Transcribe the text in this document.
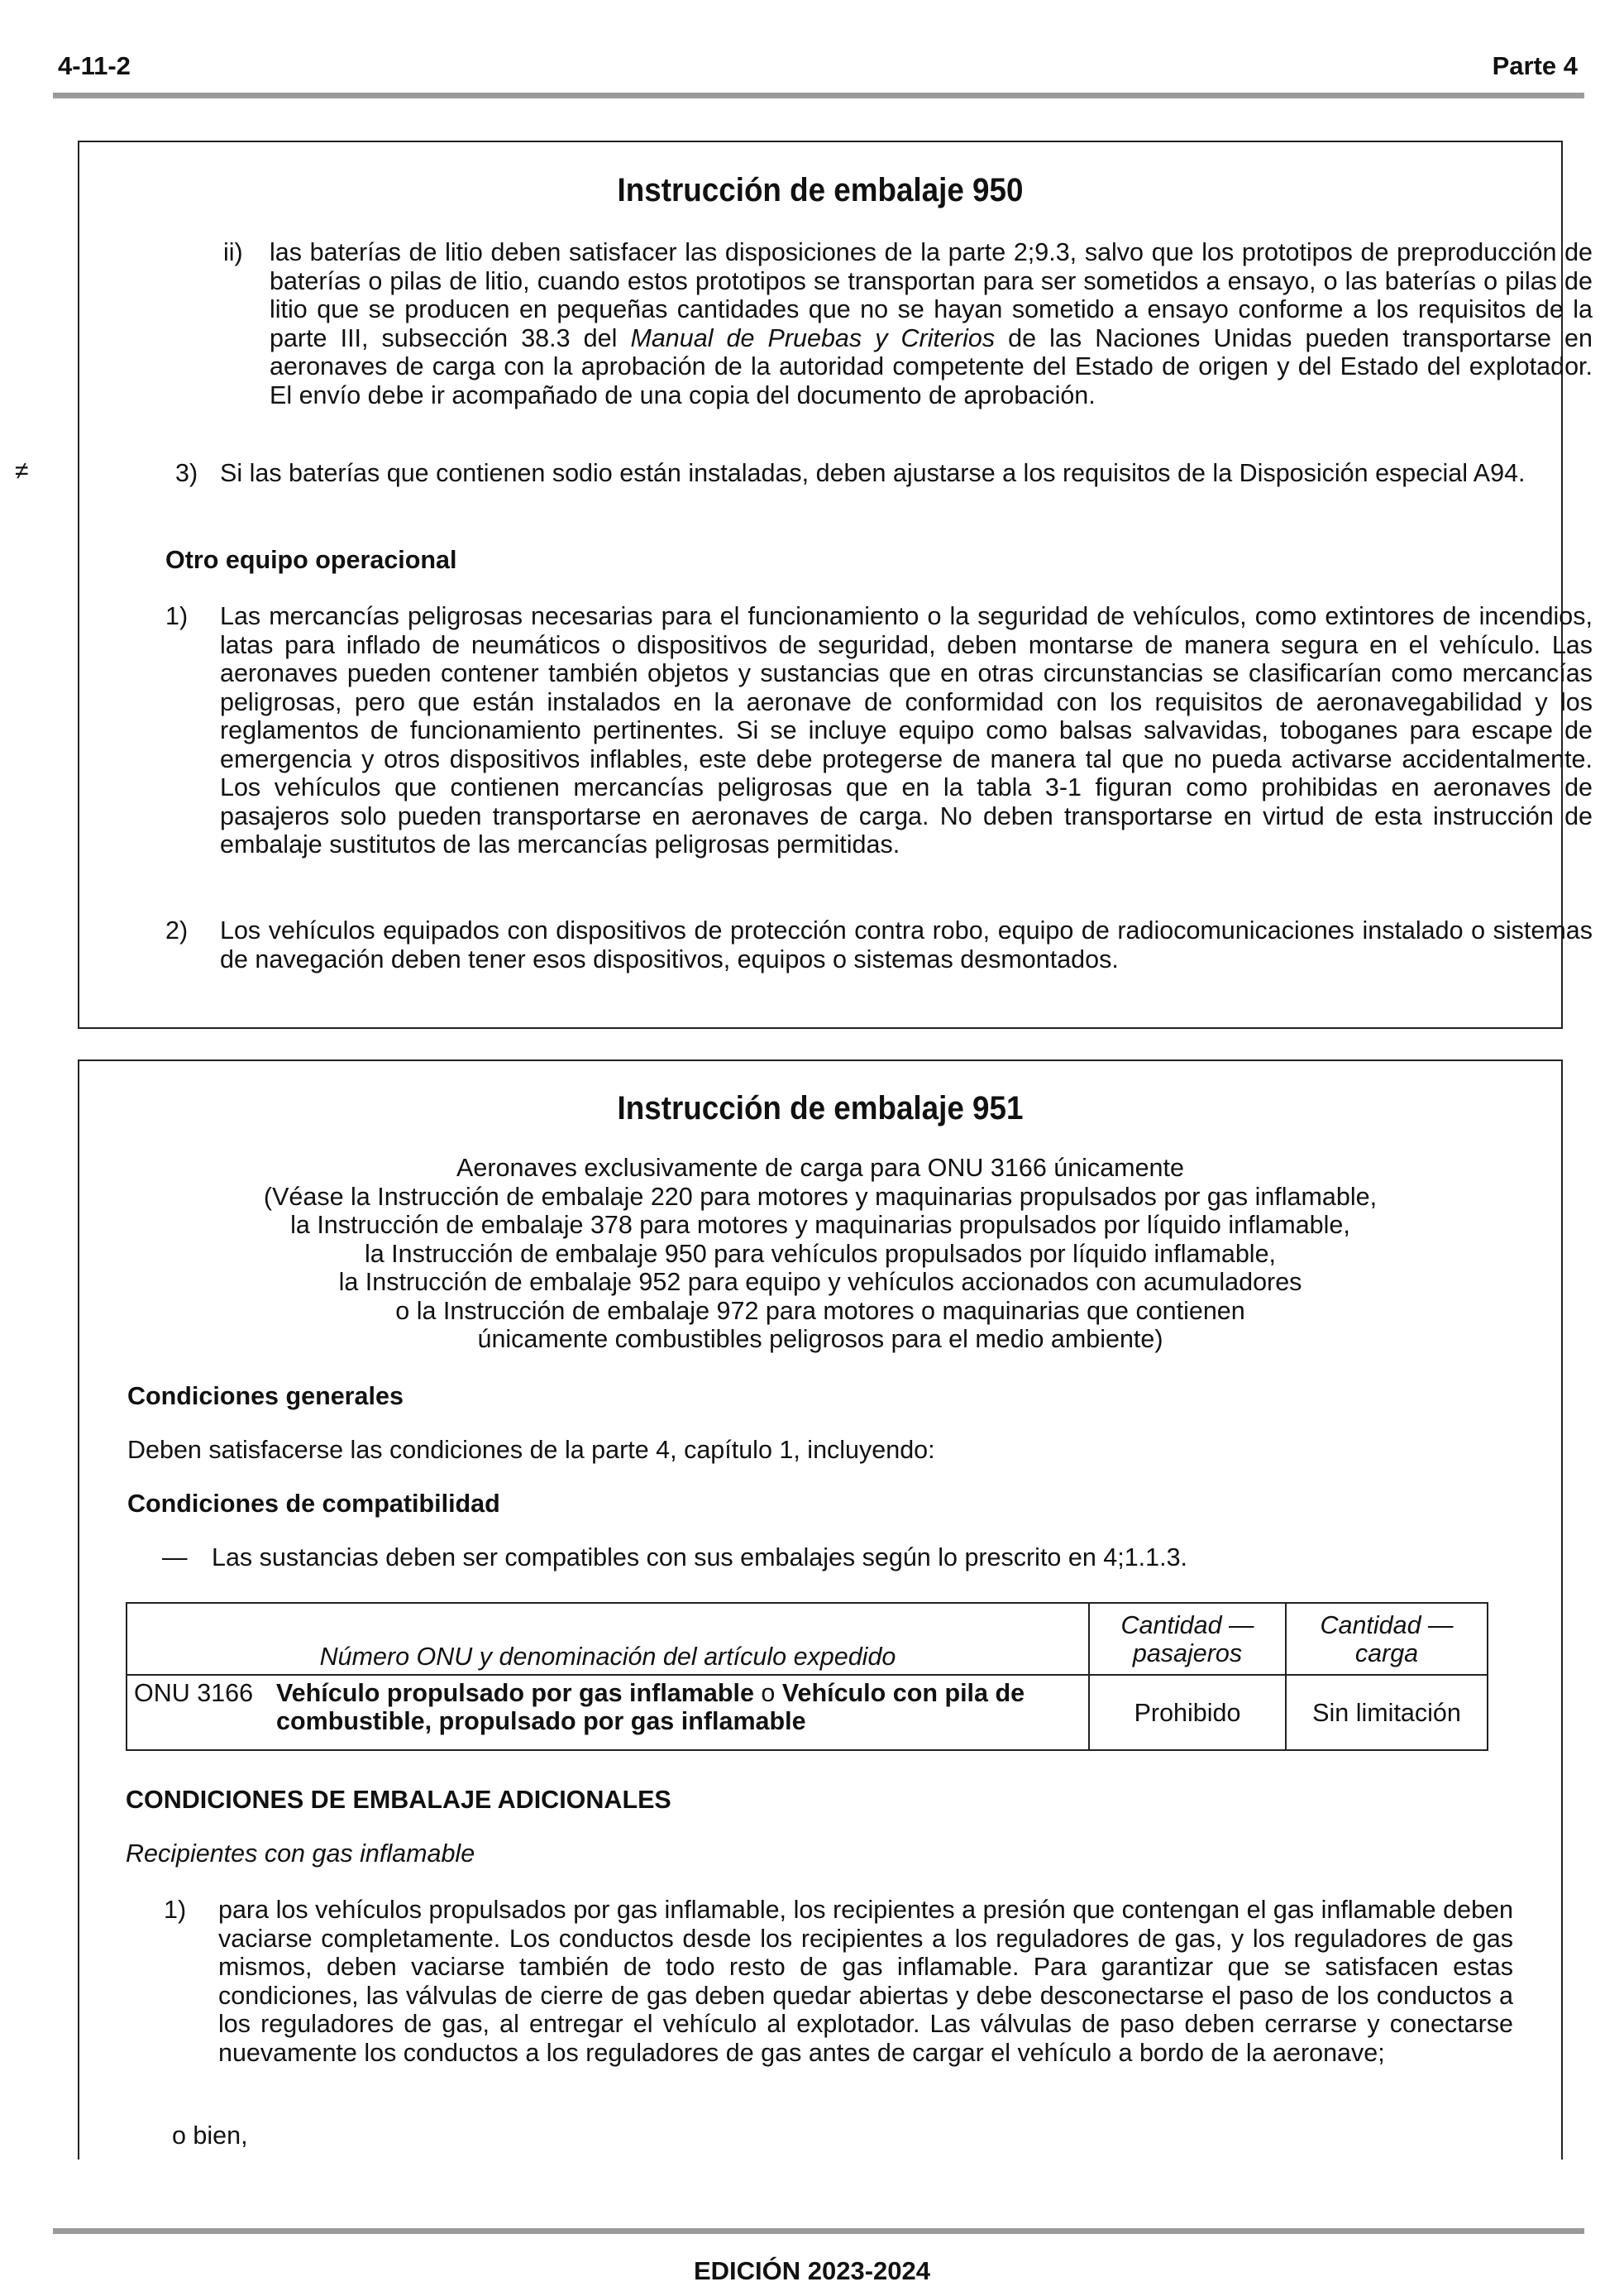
4-11-2	Parte 4
≠
Instrucción de embalaje 950
ii) las baterías de litio deben satisfacer las disposiciones de la parte 2;9.3, salvo que los prototipos de preproducción de baterías o pilas de litio, cuando estos prototipos se transportan para ser sometidos a ensayo, o las baterías o pilas de litio que se producen en pequeñas cantidades que no se hayan sometido a ensayo conforme a los requisitos de la parte III, subsección 38.3 del Manual de Pruebas y Criterios de las Naciones Unidas pueden transportarse en aeronaves de carga con la aprobación de la autoridad competente del Estado de origen y del Estado del explotador. El envío debe ir acompañado de una copia del documento de aprobación.
3) Si las baterías que contienen sodio están instaladas, deben ajustarse a los requisitos de la Disposición especial A94.
Otro equipo operacional
1) Las mercancías peligrosas necesarias para el funcionamiento o la seguridad de vehículos, como extintores de incendios, latas para inflado de neumáticos o dispositivos de seguridad, deben montarse de manera segura en el vehículo. Las aeronaves pueden contener también objetos y sustancias que en otras circunstancias se clasificarían como mercancías peligrosas, pero que están instalados en la aeronave de conformidad con los requisitos de aeronavegabilidad y los reglamentos de funcionamiento pertinentes. Si se incluye equipo como balsas salvavidas, toboganes para escape de emergencia y otros dispositivos inflables, este debe protegerse de manera tal que no pueda activarse accidentalmente. Los vehículos que contienen mercancías peligrosas que en la tabla 3-1 figuran como prohibidas en aeronaves de pasajeros solo pueden transportarse en aeronaves de carga. No deben transportarse en virtud de esta instrucción de embalaje sustitutos de las mercancías peligrosas permitidas.
2) Los vehículos equipados con dispositivos de protección contra robo, equipo de radiocomunicaciones instalado o sistemas de navegación deben tener esos dispositivos, equipos o sistemas desmontados.
Instrucción de embalaje 951
Aeronaves exclusivamente de carga para ONU 3166 únicamente
(Véase la Instrucción de embalaje 220 para motores y maquinarias propulsados por gas inflamable,
la Instrucción de embalaje 378 para motores y maquinarias propulsados por líquido inflamable,
la Instrucción de embalaje 950 para vehículos propulsados por líquido inflamable,
la Instrucción de embalaje 952 para equipo y vehículos accionados con acumuladores
o la Instrucción de embalaje 972 para motores o maquinarias que contienen
únicamente combustibles peligrosos para el medio ambiente)
Condiciones generales
Deben satisfacerse las condiciones de la parte 4, capítulo 1, incluyendo:
Condiciones de compatibilidad
— Las sustancias deben ser compatibles con sus embalajes según lo prescrito en 4;1.1.3.
Número ONU y denominación del artículo expedido	Cantidad — pasajeros	Cantidad — carga

ONU 3166 Vehículo propulsado por gas inflamable o Vehículo con pila de combustible, propulsado por gas inflamable	Prohibido	Sin limitación
CONDICIONES DE EMBALAJE ADICIONALES
Recipientes con gas inflamable
1) para los vehículos propulsados por gas inflamable, los recipientes a presión que contengan el gas inflamable deben vaciarse completamente. Los conductos desde los recipientes a los reguladores de gas, y los reguladores de gas mismos, deben vaciarse también de todo resto de gas inflamable. Para garantizar que se satisfacen estas condiciones, las válvulas de cierre de gas deben quedar abiertas y debe desconectarse el paso de los conductos a los reguladores de gas, al entregar el vehículo al explotador. Las válvulas de paso deben cerrarse y conectarse nuevamente los conductos a los reguladores de gas antes de cargar el vehículo a bordo de la aeronave;
o bien,
EDICIÓN 2023-2024
